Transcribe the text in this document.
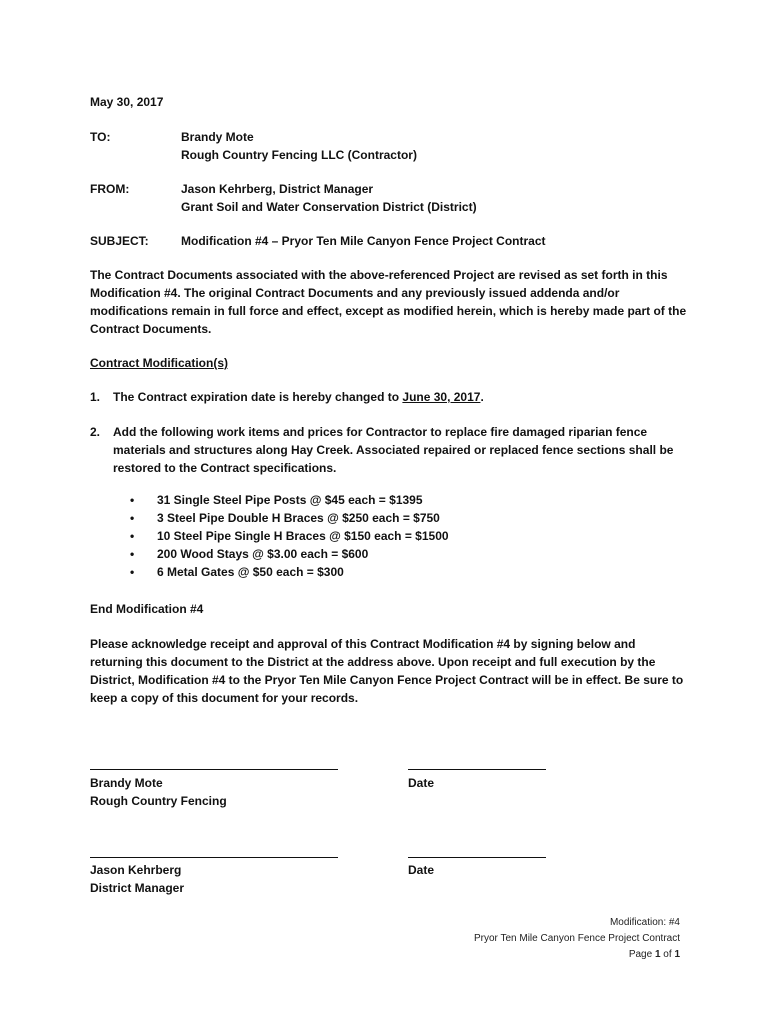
May 30, 2017
TO:	Brandy Mote
Rough Country Fencing LLC (Contractor)
FROM:	Jason Kehrberg, District Manager
Grant Soil and Water Conservation District (District)
SUBJECT:	Modification #4 – Pryor Ten Mile Canyon Fence Project Contract
The Contract Documents associated with the above-referenced Project are revised as set forth in this Modification #4. The original Contract Documents and any previously issued addenda and/or modifications remain in full force and effect, except as modified herein, which is hereby made part of the Contract Documents.
Contract Modification(s)
1. The Contract expiration date is hereby changed to June 30, 2017.
2. Add the following work items and prices for Contractor to replace fire damaged riparian fence materials and structures along Hay Creek. Associated repaired or replaced fence sections shall be restored to the Contract specifications.
• 31 Single Steel Pipe Posts @ $45 each = $1395
• 3 Steel Pipe Double H Braces @ $250 each = $750
• 10 Steel Pipe Single H Braces @ $150 each = $1500
• 200 Wood Stays @ $3.00 each = $600
• 6 Metal Gates @ $50 each = $300
End Modification #4
Please acknowledge receipt and approval of this Contract Modification #4 by signing below and returning this document to the District at the address above. Upon receipt and full execution by the District, Modification #4 to the Pryor Ten Mile Canyon Fence Project Contract will be in effect. Be sure to keep a copy of this document for your records.
Brandy Mote	Date
Rough Country Fencing
Jason Kehrberg	Date
District Manager
Modification: #4
Pryor Ten Mile Canyon Fence Project Contract
Page 1 of 1
